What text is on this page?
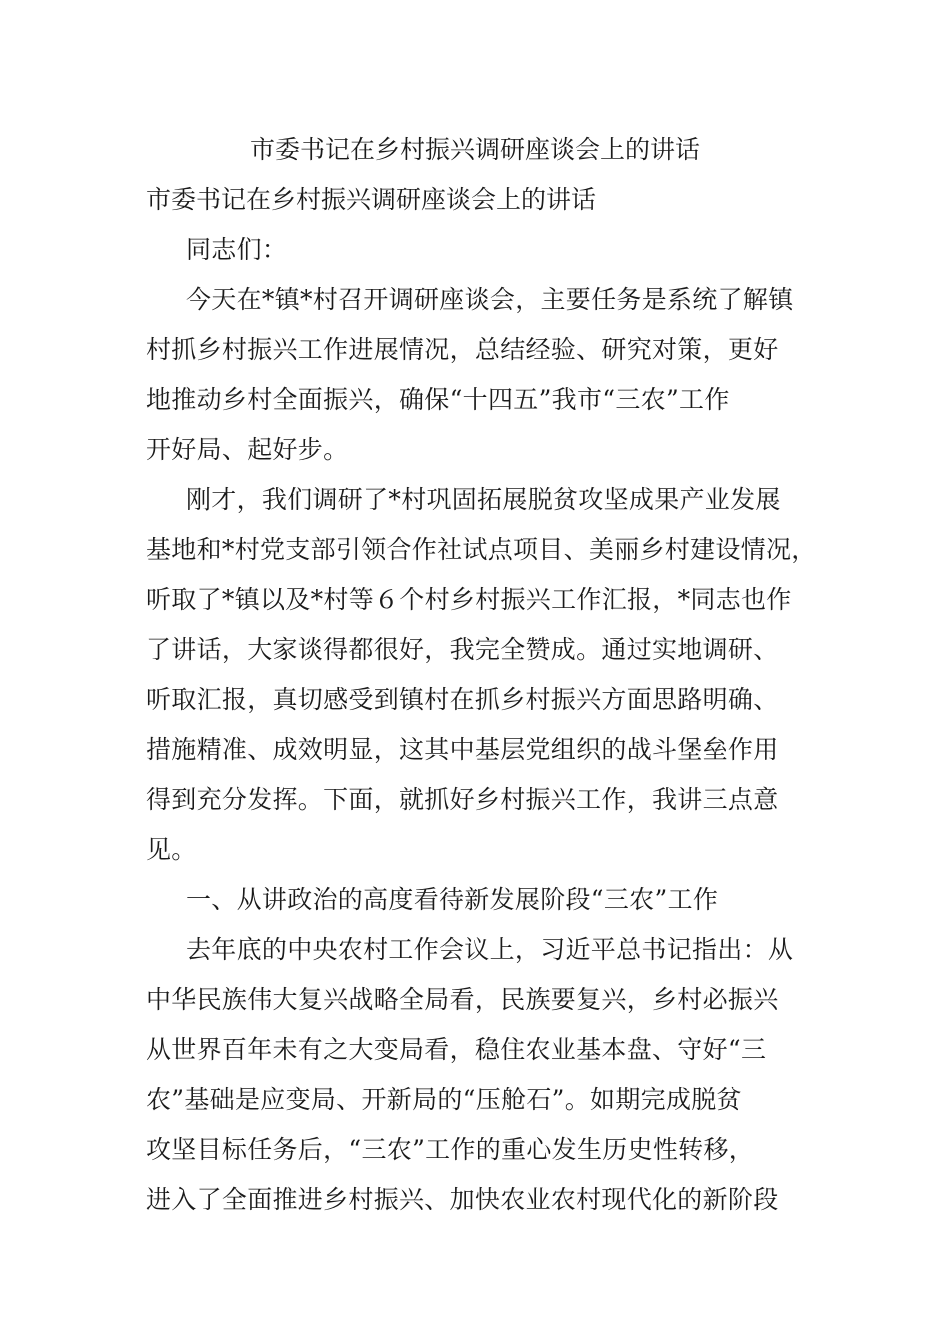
市委书记在乡村振兴调研座谈会上的讲话
市委书记在乡村振兴调研座谈会上的讲话
同志们：
今天在*镇*村召开调研座谈会，主要任务是系统了解镇
村抓乡村振兴工作进展情况，总结经验、研究对策，更好
地推动乡村全面振兴，确保“十四五”我市“三农”工作
开好局、起好步。
刚才，我们调研了*村巩固拓展脱贫攻坚成果产业发展
基地和*村党支部引领合作社试点项目、美丽乡村建设情况，
听取了*镇以及*村等６个村乡村振兴工作汇报，*同志也作
了讲话，大家谈得都很好，我完全赞成。通过实地调研、
听取汇报，真切感受到镇村在抓乡村振兴方面思路明确、
措施精准、成效明显，这其中基层党组织的战斗堡垒作用
得到充分发挥。下面，就抓好乡村振兴工作，我讲三点意
见。
一、从讲政治的高度看待新发展阶段“三农”工作
去年底的中央农村工作会议上，习近平总书记指出：从
中华民族伟大复兴战略全局看，民族要复兴，乡村必振兴
从世界百年未有之大变局看，稳住农业基本盘、守好“三
农”基础是应变局、开新局的“压舱石”。如期完成脱贫
攻坚目标任务后，“三农”工作的重心发生历史性转移，
进入了全面推进乡村振兴、加快农业农村现代化的新阶段
